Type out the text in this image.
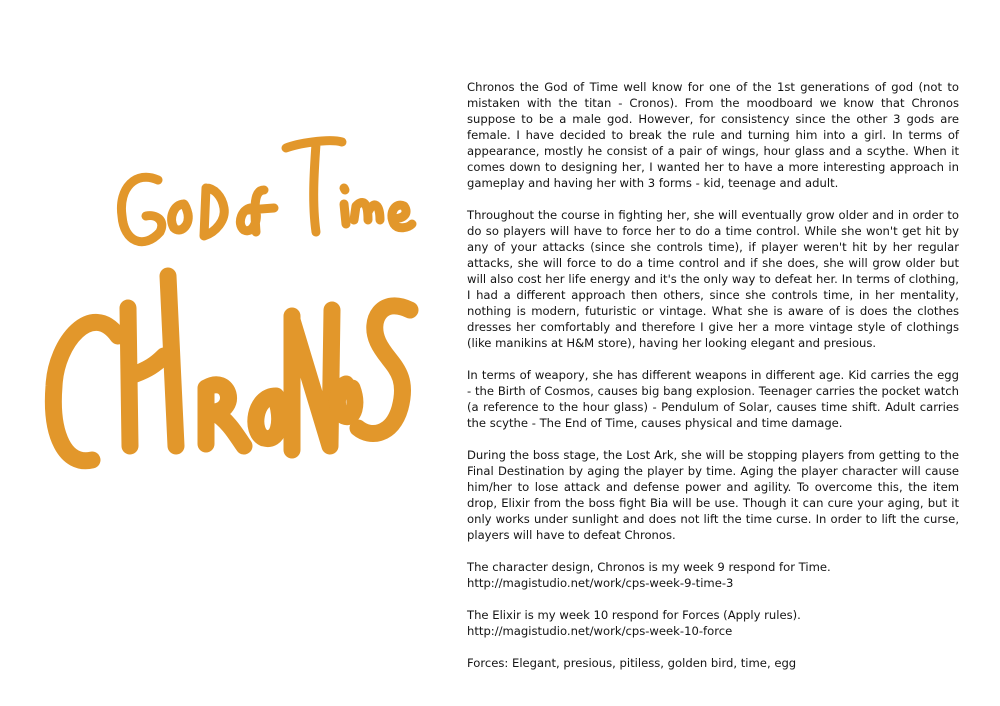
Chronos the God of Time well know for one of the 1st generations of god (not to mistaken with the titan - Cronos). From the moodboard we know that Chronos suppose to be a male god. However, for consistency since the other 3 gods are female. I have decided to break the rule and turning him into a girl. In terms of appearance, mostly he consist of a pair of wings, hour glass and a scythe. When it comes down to designing her, I wanted her to have a more interesting approach in gameplay and having her with 3 forms - kid, teenage and adult.

Throughout the course in fighting her, she will eventually grow older and in order to do so players will have to force her to do a time control. While she won't get hit by any of your attacks (since she controls time), if player weren't hit by her regular attacks, she will force to do a time control and if she does, she will grow older but will also cost her life energy and it's the only way to defeat her. In terms of clothing, I had a different approach then others, since she controls time, in her mentality, nothing is modern, futuristic or vintage. What she is aware of is does the clothes dresses her comfortably and therefore I give her a more vintage style of clothings (like manikins at H&M store), having her looking elegant and presious.

In terms of weapory, she has different weapons in different age. Kid carries the egg - the Birth of Cosmos, causes big bang explosion. Teenager carries the pocket watch (a reference to the hour glass) - Pendulum of Solar, causes time shift. Adult carries the scythe - The End of Time, causes physical and time damage.

During the boss stage, the Lost Ark, she will be stopping players from getting to the Final Destination by aging the player by time. Aging the player character will cause him/her to lose attack and defense power and agility. To overcome this, the item drop, Elixir from the boss fight Bia will be use. Though it can cure your aging, but it only works under sunlight and does not lift the time curse. In order to lift the curse, players will have to defeat Chronos.

The character design, Chronos is my week 9 respond for Time.
http://magistudio.net/work/cps-week-9-time-3

The Elixir is my week 10 respond for Forces (Apply rules).
http://magistudio.net/work/cps-week-10-force

Forces: Elegant, presious, pitiless, golden bird, time, egg
